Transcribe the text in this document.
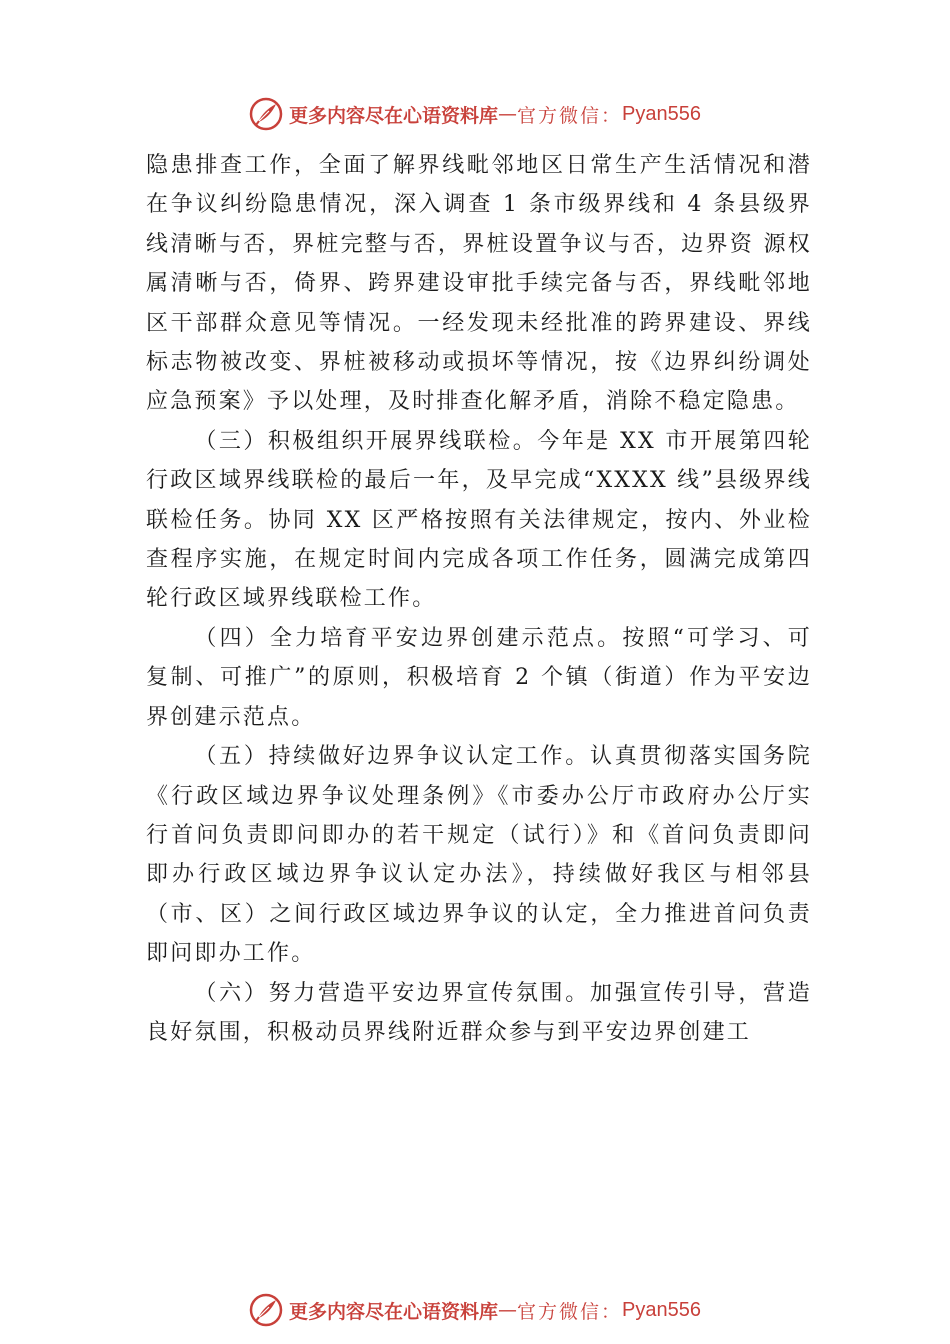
更多内容尽在心语资料库 — 官方微信： Pyan556

隐患排查工作，全面了解界线毗邻地区日常生产生活情况和潜在争议纠纷隐患情况，深入调查 1 条市级界线和 4 条县级界线清晰与否，界桩完整与否，界桩设置争议与否，边界资 源权属清晰与否，倚界、跨界建设审批手续完备与否，界线毗邻地区干部群众意见等情况。一经发现未经批准的跨界建设、界线标志物被改变、界桩被移动或损坏等情况，按《边界纠纷调处应急预案》予以处理，及时排查化解矛盾，消除不稳定隐患。

（三）积极组织开展界线联检。今年是 XX 市开展第四轮行政区域界线联检的最后一年，及早完成“XXXX 线”县级界线联检任务。协同 XX 区严格按照有关法律规定，按内、外业检查程序实施，在规定时间内完成各项工作任务，圆满完成第四轮行政区域界线联检工作。

（四）全力培育平安边界创建示范点。按照“可学习、可复制、可推广”的原则，积极培育 2 个镇（街道）作为平安边界创建示范点。

（五）持续做好边界争议认定工作。认真贯彻落实国务院《行政区域边界争议处理条例》《市委办公厅市政府办公厅实行首问负责即问即办的若干规定（试行）》和《首问负责即问即办行政区域边界争议认定办法》，持续做好我区与相邻县（市、区）之间行政区域边界争议的认定，全力推进首问负责即问即办工作。

（六）努力营造平安边界宣传氛围。加强宣传引导，营造良好氛围，积极动员界线附近群众参与到平安边界创建工

更多内容尽在心语资料库 — 官方微信： Pyan556
